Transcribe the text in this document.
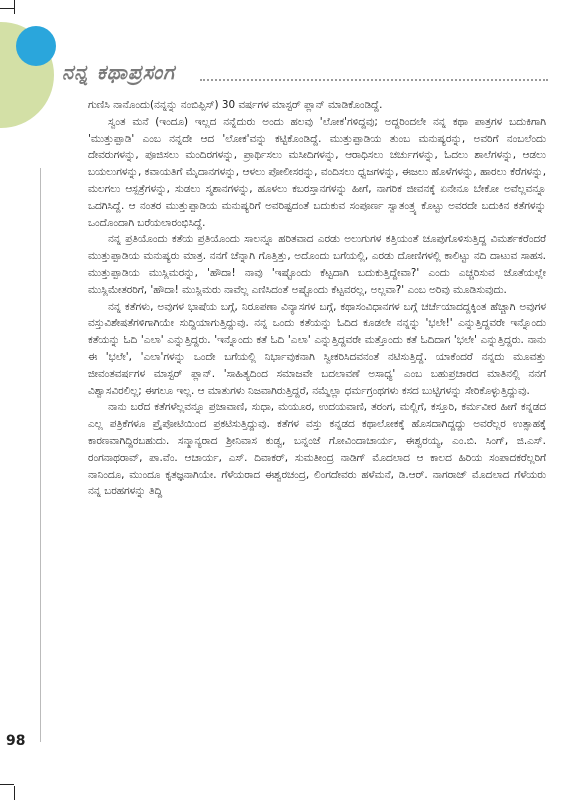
ನನ್ನ ಕಥಾಪ್ರಸಂಗ

ಗುಣಿಸಿ ನಾನೊಂದು(ನನ್ನನ್ನು ನಂಬಿಪ್ಪಿಸ್) 30 ವರ್ಷಗಳ ಮಾಸ್ಟರ್ ಪ್ಲಾನ್ ಮಾಡಿಕೊಂಡಿದ್ದೆ.

ಸ್ವಂತ ಮನೆ (ಇಂದೂ) ಇಲ್ಲದ ನನ್ನೆದುರು ಅಂದು ಹಲವು 'ಲೋಕ'ಗಳಿದ್ದವು; ಅದ್ದರಿಂದಲೇ ನನ್ನ ಕಥಾ ಪಾತ್ರಗಳ ಬದುಕಿಗಾಗಿ 'ಮುತ್ತುಪ್ಪಾಡಿ' ಎಂಬ ನನ್ನದೇ ಆದ 'ಲೋಕ'ವನ್ನು ಕಟ್ಟಿಕೊಂಡಿದ್ದೆ. ಮುತ್ತುಪ್ಪಾಡಿಯ ತುಂಬ ಮನುಷ್ಯರನ್ನು, ಅವರಿಗೆ ನಂಬಲೆಂದು ದೇವರುಗಳನ್ನು, ಪೂಜಿಸಲು ಮಂದಿರಗಳನ್ನು, ಪ್ರಾರ್ಥಿಸಲು ಮಸೀದಿಗಳನ್ನು, ಆರಾಧಿಸಲು ಚರ್ಚುಗಳನ್ನು, ಓದಲು ಶಾಲೆಗಳನ್ನು, ಆಡಲು ಬಯಲುಗಳನ್ನು, ಕವಾಯತಿಗೆ ಮೈದಾನಗಳನ್ನು, ಆಳಲು ಪೋಲೀಸರನ್ನು, ವಂದಿಸಲು ಧ್ವಜಗಳನ್ನು, ಈಜಲು ಹೊಳೆಗಳನ್ನು, ಹಾರಲು ಕೆರೆಗಳನ್ನು, ಮಲಗಲು ಆಸ್ಪತ್ರೆಗಳನ್ನು, ಸುಡಲು ಸ್ಮಶಾನಗಳನ್ನು, ಹೂಳಲು ಕಬರಸ್ತಾನಗಳನ್ನು ಹೀಗೆ, ನಾಗರಿಕ ಜೀವನಕ್ಕೆ ಏನೇನೂ ಬೇಕೋ ಅವೆಲ್ಲವನ್ನೂ ಒದಗಿಸಿದ್ದೆ. ಆ ನಂತರ ಮುತ್ತುಪ್ಪಾಡಿಯ ಮನುಷ್ಯರಿಗೆ ಅವರಿಷ್ಟದಂತೆ ಬದುಕುವ ಸಂಪೂರ್ಣ ಸ್ವಾತಂತ್ರ್ಯ ಕೊಟ್ಟು ಅವರದೇ ಬದುಕಿನ ಕತೆಗಳನ್ನು ಒಂದೊಂದಾಗಿ ಬರೆಯಲಾರಂಭಿಸಿದ್ದೆ.

ನನ್ನ ಪ್ರತಿಯೊಂದು ಕತೆಯ ಪ್ರತಿಯೊಂದು ಸಾಲನ್ನೂ ಹರಿತವಾದ ಎರಡು ಅಲುಗುಗಳ ಕತ್ತಿಯಂತೆ ಚೂಪುಗೊಳಿಸುತ್ತಿದ್ದ ವಿಮರ್ಶಕರೆಂದರೆ ಮುತ್ತುಪ್ಪಾಡಿಯ ಮನುಷ್ಯರು ಮಾತ್ರ. ನನಗೆ ಚೆನ್ನಾಗಿ ಗೊತ್ತಿತ್ತು, ಅದೊಂದು ಬಗೆಯಲ್ಲಿ, ಎರಡು ದೋಣಿಗಳಲ್ಲಿ ಕಾಲಿಟ್ಟು ನದಿ ದಾಟುವ ಸಾಹಸ. ಮುತ್ತುಪ್ಪಾಡಿಯ ಮುಸ್ಲಿಮರನ್ನು, 'ಹೌದಾ! ನಾವು 'ಇಷ್ಟೊಂದು ಕೆಟ್ಟದಾಗಿ ಬದುಕುತ್ತಿದ್ದೇವಾ?' ಎಂದು ಎಚ್ಚರಿಸುವ ಜೊತೆಯಲ್ಲೇ ಮುಸ್ಲಿಮೇತರರಿಗೆ, 'ಹೌದಾ! ಮುಸ್ಲಿಮರು ನಾವೆಲ್ಲ ಎಣಿಸಿದಂತೆ ಅಷ್ಟೊಂದು ಕೆಟ್ಟವರಲ್ಲ, ಅಲ್ಲವಾ?' ಎಂಬ ಅರಿವು ಮೂಡಿಸುವುದು.

ನನ್ನ ಕತೆಗಳು, ಅವುಗಳ ಭಾಷೆಯ ಬಗ್ಗೆ, ನಿರೂಪಣಾ ವಿನ್ಯಾಸಗಳ ಬಗ್ಗೆ, ಕಥಾಸಂವಿಧಾನಗಳ ಬಗ್ಗೆ ಚರ್ಚೆಯಾದದ್ದಕ್ಕಿಂತ ಹೆಚ್ಚಾಗಿ ಅವುಗಳ ವಸ್ತುವಿಶೇಷತೆಗಳಿಗಾಗಿಯೇ ಸುದ್ದಿಯಾಗುತ್ತಿದ್ದುವು. ನನ್ನ ಒಂದು ಕತೆಯನ್ನು ಓದಿದ ಕೂಡಲೇ ನನ್ನನ್ನು 'ಭಲೇ!' ಎನ್ನುತ್ತಿದ್ದವರೇ ಇನ್ನೊಂದು ಕತೆಯನ್ನು ಓದಿ 'ಎಲಾ' ಎನ್ನುತ್ತಿದ್ದರು. 'ಇನ್ನೊಂದು ಕತೆ ಓದಿ 'ಎಲಾ' ಎನ್ನುತ್ತಿದ್ದವರೇ ಮತ್ತೊಂದು ಕತೆ ಓದಿದಾಗ 'ಭಲೇ' ಎನ್ನುತ್ತಿದ್ದರು. ನಾನು ಈ 'ಭಲೇ', 'ಎಲಾ'ಗಳನ್ನು ಒಂದೇ ಬಗೆಯಲ್ಲಿ ನಿರ್ಭಾವುಕನಾಗಿ ಸ್ವೀಕರಿಸಿದವನಂತೆ ನಟಿಸುತ್ತಿದ್ದೆ. ಯಾಕೆಂದರೆ ನನ್ನದು ಮೂವತ್ತು ಜೀವಂತವರ್ಷಗಳ ಮಾಸ್ಟರ್ ಪ್ಲಾನ್. 'ಸಾಹಿತ್ಯದಿಂದ ಸಮಾಜವೇ ಬದಲಾವಣೆ ಅಸಾಧ್ಯ' ಎಂಬ ಬಹುಪ್ರಚಾರದ ಮಾತಿನಲ್ಲಿ ನನಗೆ ವಿಶ್ವಾಸವಿರಲಿಲ್ಲ; ಈಗಲೂ ಇಲ್ಲ. ಆ ಮಾತುಗಳು ನಿಜವಾಗಿರುತ್ತಿದ್ದರೆ, ನಮ್ಮೆಲ್ಲಾ ಧರ್ಮಗ್ರಂಥಗಳು ಕಸದ ಬುಟ್ಟಿಗಳನ್ನು ಸೇರಿಕೊಳ್ಳುತ್ತಿದ್ದುವು.

ನಾನು ಬರೆದ ಕತೆಗಳೆಲ್ಲವನ್ನೂ ಪ್ರಜಾವಾಣಿ, ಸುಧಾ, ಮಯೂರ, ಉದಯವಾಣಿ, ತರಂಗ, ಮಲ್ಲಿಗೆ, ಕಸ್ತೂರಿ, ಕರ್ಮವೀರ ಹೀಗೆ ಕನ್ನಡದ ಎಲ್ಲ ಪತ್ರಿಕೆಗಳೂ ಪ್ರೈಪೋಟಿಯಿಂದ ಪ್ರಕಟಿಸುತ್ತಿದ್ದುವು. ಕತೆಗಳ ವಸ್ತು ಕನ್ನಡದ ಕಥಾಲೋಕಕ್ಕೆ ಹೊಸದಾಗಿದ್ದದ್ದು ಅವರೆಲ್ಲರ ಉತ್ಸಾಹಕ್ಕೆ ಕಾರಣವಾಗಿದ್ದಿರಬಹುದು. ಸನ್ಮಾನ್ಯರಾದ ಶ್ರೀನಿವಾಸ ಕುಡ್ವ, ಬನ್ನಂಜೆ ಗೋವಿಂದಾಚಾರ್ಯ, ಈಶ್ವರಯ್ಯ, ಎಂ.ಬಿ. ಸಿಂಗ್, ಜಿ.ಎಸ್. ರಂಗನಾಥರಾವ್, ಪಾ.ವೆಂ. ಆಚಾರ್ಯ, ಎಸ್. ದಿವಾಕರ್, ಸುಮತೀಂದ್ರ ನಾಡಿಗ್ ಮೊದಲಾದ ಆ ಕಾಲದ ಹಿರಿಯ ಸಂಪಾದಕರೆಲ್ಲರಿಗೆ ನಾನಿಂದೂ, ಮುಂದೂ ಕೃತಜ್ಞನಾಗಿಯೇ. ಗೆಳೆಯರಾದ ಈಶ್ವರಚಂದ್ರ, ಲಿಂಗದೇವರು ಹಳೆಮನೆ, ಡಿ.ಆರ್. ನಾಗರಾಜ್ ಮೊದಲಾದ ಗೆಳೆಯರು ನನ್ನ ಬರಹಗಳನ್ನು ತಿದ್ದಿ

98
